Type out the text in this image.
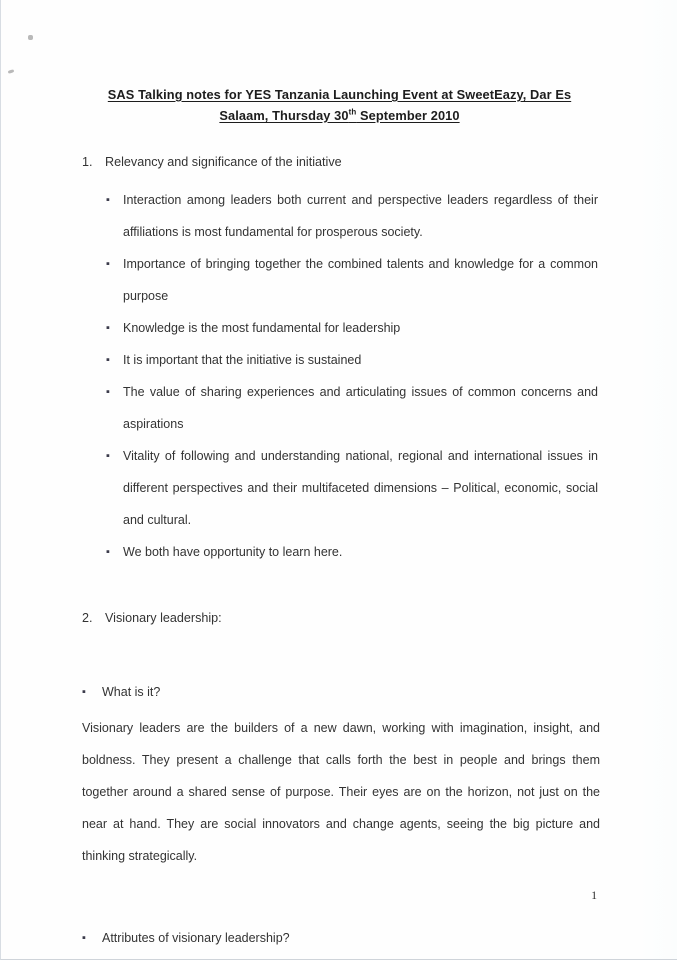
SAS Talking notes for YES Tanzania Launching Event at SweetEazy, Dar Es
Salaam, Thursday 30th September 2010

1. Relevancy and significance of the initiative

▪ Interaction among leaders both current and perspective leaders regardless of their affiliations is most fundamental for prosperous society.
▪ Importance of bringing together the combined talents and knowledge for a common purpose
▪ Knowledge is the most fundamental for leadership
▪ It is important that the initiative is sustained
▪ The value of sharing experiences and articulating issues of common concerns and aspirations
▪ Vitality of following and understanding national, regional and international issues in different perspectives and their multifaceted dimensions – Political, economic, social and cultural.
▪ We both have opportunity to learn here.

2. Visionary leadership:

▪ What is it?

Visionary leaders are the builders of a new dawn, working with imagination, insight, and boldness. They present a challenge that calls forth the best in people and brings them together around a shared sense of purpose. Their eyes are on the horizon, not just on the near at hand. They are social innovators and change agents, seeing the big picture and thinking strategically.

▪ Attributes of visionary leadership?
1
